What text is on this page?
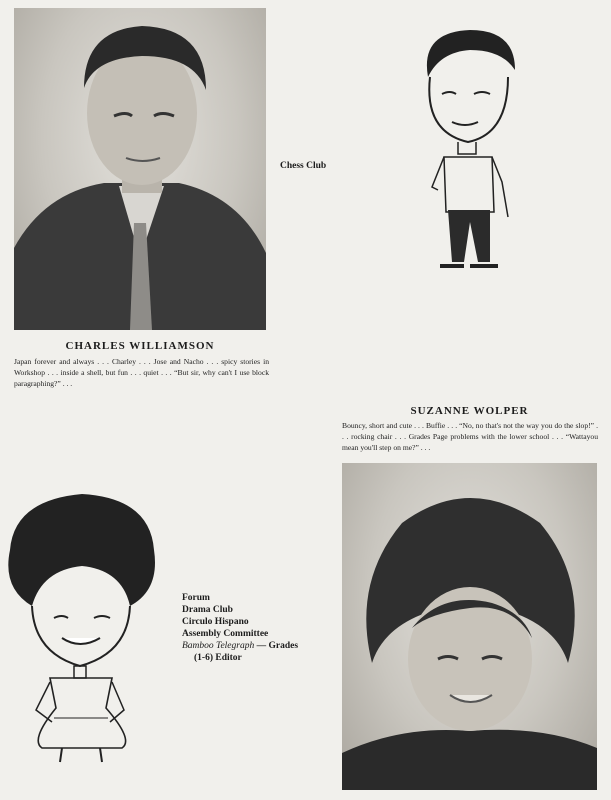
CHARLES WILLIAMSON

Japan forever and always . . . Charley . . . Jose and Nacho . . . spicy stories in Workshop . . . inside a shell, but fun . . . quiet . . . “But sir, why can't I use block paragraphing?” . . .

Chess Club

SUZANNE WOLPER

Bouncy, short and cute . . . Buffie . . . “No, no that's not the way you do the slop!” . . . rocking chair . . . Grades Page problems with the lower school . . . “Wattayou mean you'll step on me?” . . .

Forum
Drama Club
Circulo Hispano
Assembly Committee
Bamboo Telegraph — Grades
(1-6) Editor
